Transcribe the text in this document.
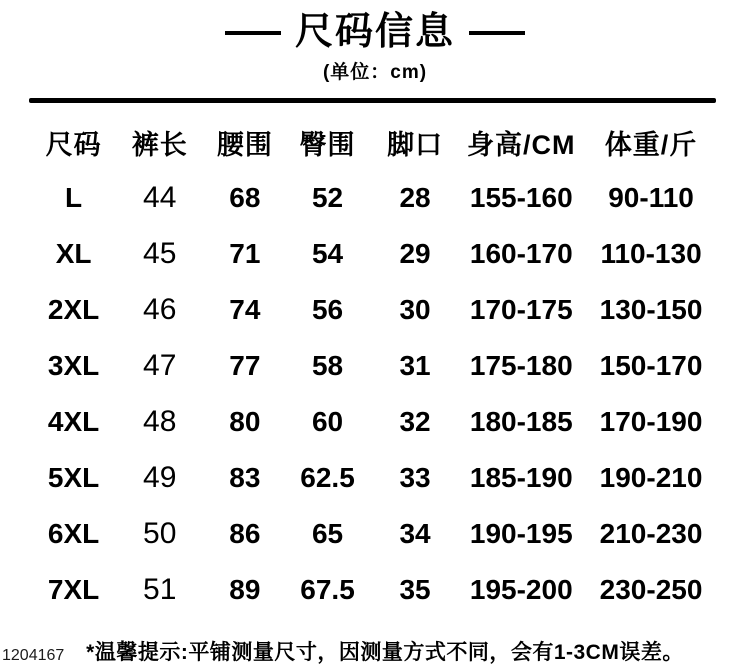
尺码信息
(单位：cm)
尺码	裤长	腰围	臀围	脚口	身高/CM	体重/斤
L	44	68	52	28	155-160	90-110
XL	45	71	54	29	160-170	110-130
2XL	46	74	56	30	170-175	130-150
3XL	47	77	58	31	175-180	150-170
4XL	48	80	60	32	180-185	170-190
5XL	49	83	62.5	33	185-190	190-210
6XL	50	86	65	34	190-195	210-230
7XL	51	89	67.5	35	195-200	230-250
*温馨提示:平铺测量尺寸，因测量方式不同，会有1-3CM误差。
1204167
